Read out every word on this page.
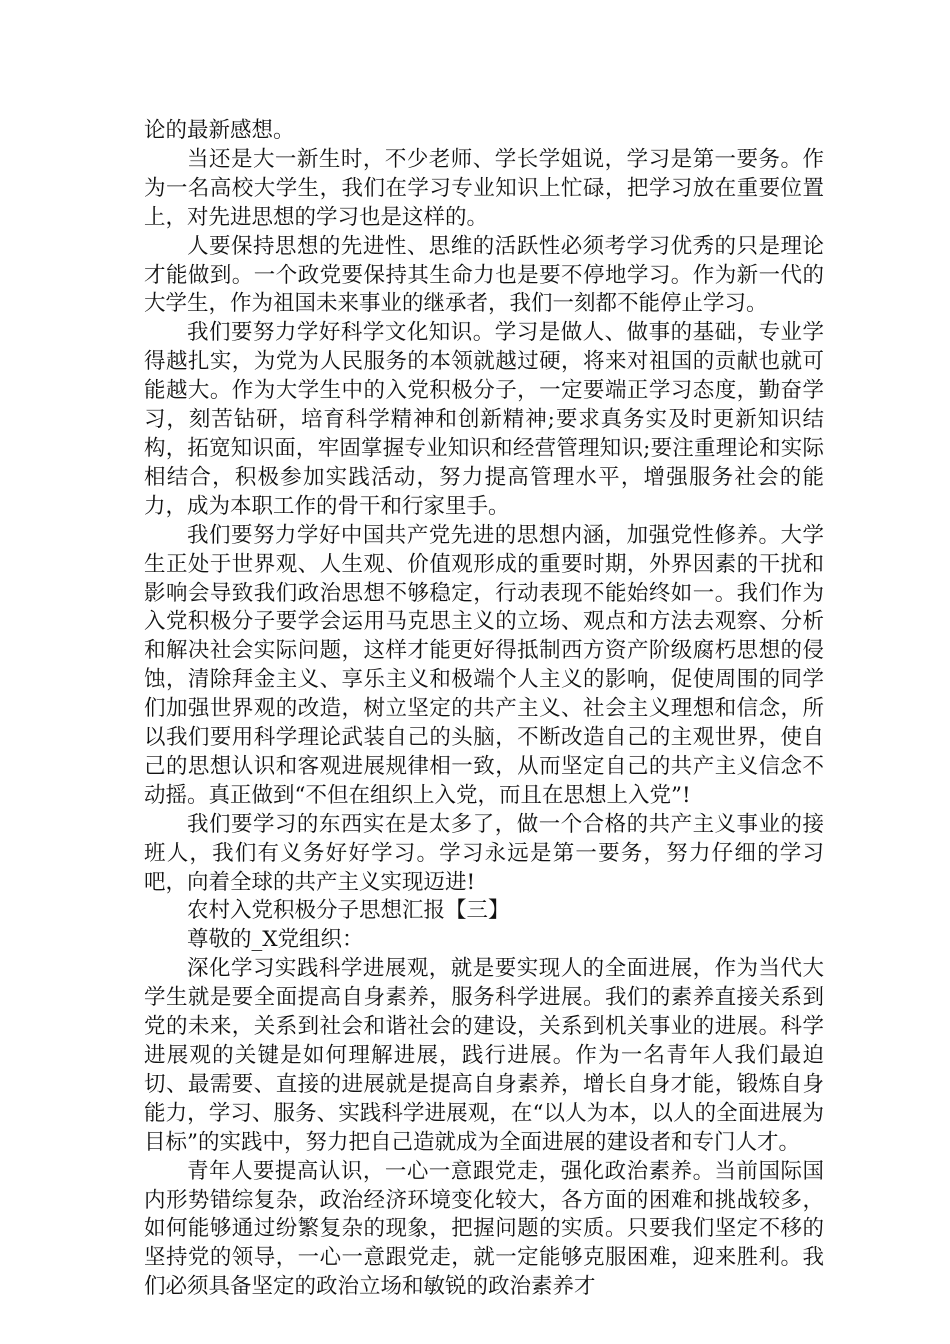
论的最新感想。

当还是大一新生时，不少老师、学长学姐说，学习是第一要务。作为一名高校大学生，我们在学习专业知识上忙碌，把学习放在重要位置上，对先进思想的学习也是这样的。

人要保持思想的先进性、思维的活跃性必须考学习优秀的只是理论才能做到。一个政党要保持其生命力也是要不停地学习。作为新一代的大学生，作为祖国未来事业的继承者，我们一刻都不能停止学习。

我们要努力学好科学文化知识。学习是做人、做事的基础，专业学得越扎实，为党为人民服务的本领就越过硬，将来对祖国的贡献也就可能越大。作为大学生中的入党积极分子，一定要端正学习态度，勤奋学习，刻苦钻研，培育科学精神和创新精神;要求真务实及时更新知识结构，拓宽知识面，牢固掌握专业知识和经营管理知识;要注重理论和实际相结合，积极参加实践活动，努力提高管理水平，增强服务社会的能力，成为本职工作的骨干和行家里手。

我们要努力学好中国共产党先进的思想内涵，加强党性修养。大学生正处于世界观、人生观、价值观形成的重要时期，外界因素的干扰和影响会导致我们政治思想不够稳定，行动表现不能始终如一。我们作为入党积极分子要学会运用马克思主义的立场、观点和方法去观察、分析和解决社会实际问题，这样才能更好得抵制西方资产阶级腐朽思想的侵蚀，清除拜金主义、享乐主义和极端个人主义的影响，促使周围的同学们加强世界观的改造，树立坚定的共产主义、社会主义理想和信念，所以我们要用科学理论武装自己的头脑，不断改造自己的主观世界，使自己的思想认识和客观进展规律相一致，从而坚定自己的共产主义信念不动摇。真正做到“不但在组织上入党，而且在思想上入党”!

我们要学习的东西实在是太多了，做一个合格的共产主义事业的接班人，我们有义务好好学习。学习永远是第一要务，努力仔细的学习吧，向着全球的共产主义实现迈进!

农村入党积极分子思想汇报【三】

尊敬的_X党组织：

深化学习实践科学进展观，就是要实现人的全面进展，作为当代大学生就是要全面提高自身素养，服务科学进展。我们的素养直接关系到党的未来，关系到社会和谐社会的建设，关系到机关事业的进展。科学进展观的关键是如何理解进展，践行进展。作为一名青年人我们最迫切、最需要、直接的进展就是提高自身素养，增长自身才能，锻炼自身能力，学习、服务、实践科学进展观，在“以人为本，以人的全面进展为目标”的实践中，努力把自己造就成为全面进展的建设者和专门人才。

青年人要提高认识，一心一意跟党走，强化政治素养。当前国际国内形势错综复杂，政治经济环境变化较大，各方面的困难和挑战较多，如何能够通过纷繁复杂的现象，把握问题的实质。只要我们坚定不移的坚持党的领导，一心一意跟党走，就一定能够克服困难，迎来胜利。我们必须具备坚定的政治立场和敏锐的政治素养才
